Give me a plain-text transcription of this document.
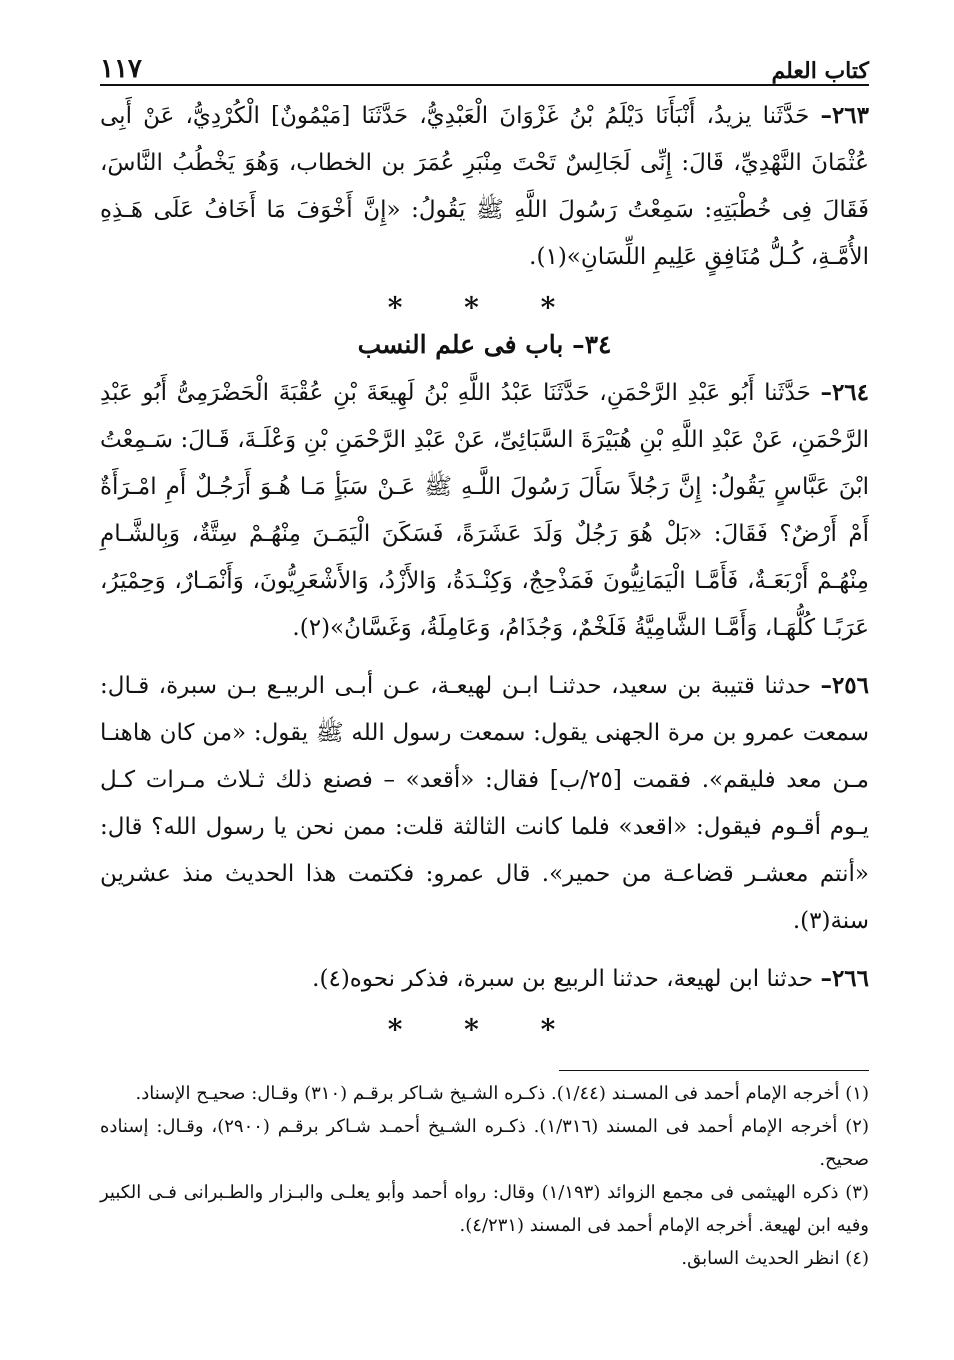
كتاب العلم
١١٧

٢٦٣– حَدَّثَنا يزيدُ، أَنْبَأَنَا دَيْلَمُ بْنُ غَزْوَانَ الْعَبْدِيُّ، حَدَّثَنَا [مَيْمُونٌ] الْكُرْدِيُّ، عَنْ أَبِى عُثْمَانَ النَّهْدِيِّ، قَالَ: إِنِّى لَجَالِسٌ تَحْتَ مِنْبَرِ عُمَرَ بن الخطاب، وَهُوَ يَخْطُبُ النَّاسَ، فَقَالَ فِى خُطْبَتِهِ: سَمِعْتُ رَسُولَ اللَّهِ ﷺ يَقُولُ: «إِنَّ أَخْوَفَ مَا أَخَافُ عَلَى هَـذِهِ الأُمَّـةِ، كُـلُّ مُنَافِقٍ عَلِيمِ اللِّسَانِ»(١).

* * *
٣٤– باب فى علم النسب

٢٦٤– حَدَّثَنا أَبُو عَبْدِ الرَّحْمَنِ، حَدَّثَنَا عَبْدُ اللَّهِ بْنُ لَهِيعَةَ بْنِ عُقْبَةَ الْحَضْرَمِىُّ أَبُو عَبْدِ الرَّحْمَنِ، عَنْ عَبْدِ اللَّهِ بْنِ هُبَيْرَةَ السَّبَائِىِّ، عَنْ عَبْدِ الرَّحْمَنِ بْنِ وَعْلَـةَ، قَـالَ: سَـمِعْتُ ابْنَ عَبَّاسٍ يَقُولُ: إِنَّ رَجُلاً سَأَلَ رَسُولَ اللَّـهِ ﷺ عَـنْ سَبَأٍ مَـا هُـوَ أَرَجُـلٌ أَمِ امْـرَأَةٌ أَمْ أَرْضٌ؟ فَقَالَ: «بَلْ هُوَ رَجُلٌ وَلَدَ عَشَرَةً، فَسَكَنَ الْيَمَـنَ مِنْهُـمْ سِتَّةٌ، وَبِالشَّـامِ مِنْهُـمْ أَرْبَعَـةٌ، فَأَمَّـا الْيَمَانِيُّونَ فَمَذْحِجٌ، وَكِنْـدَةُ، وَالأَزْدُ، وَالأَشْعَرِيُّونَ، وَأَنْمَـارٌ، وَحِمْيَرُ، عَرَبًـا كُلُّهَـا، وَأَمَّـا الشَّامِيَّةُ فَلَخْمٌ، وَجُذَامُ، وَعَامِلَةُ، وَغَسَّانُ»(٢).

٢٥٦– حدثنا قتيبة بن سعيد، حدثنـا ابـن لهيعـة، عـن أبـى الربيـع بـن سبرة، قـال: سمعت عمرو بن مرة الجهنى يقول: سمعت رسول الله ﷺ يقول: «من كان هاهنـا مـن معد فليقم». فقمت [٢٥/ب] فقال: «أقعد» – فصنع ذلك ثـلاث مـرات كـل يـوم أقـوم فيقول: «اقعد» فلما كانت الثالثة قلت: ممن نحن يا رسول الله؟ قال: «أنتم معشـر قضاعـة من حمير». قال عمرو: فكتمت هذا الحديث منذ عشرين سنة(٣).

٢٦٦– حدثنا ابن لهيعة، حدثنا الربيع بن سبرة، فذكر نحوه(٤).

* * *

(١) أخرجه الإمام أحمد فى المسـند (١/٤٤). ذكـره الشـيخ شـاكر برقـم (٣١٠) وقـال: صحيـح الإسناد.

(٢) أخرجه الإمام أحمد فى المسند (١/٣١٦). ذكـره الشـيخ أحمـد شـاكر برقـم (٢٩٠٠)، وقـال: إسناده صحيح.

(٣) ذكره الهيثمى فى مجمع الزوائد (١/١٩٣) وقال: رواه أحمد وأبو يعلـى والبـزار والطـبرانى فـى الكبير وفيه ابن لهيعة. أخرجه الإمام أحمد فى المسند (٤/٢٣١).

(٤) انظر الحديث السابق.
